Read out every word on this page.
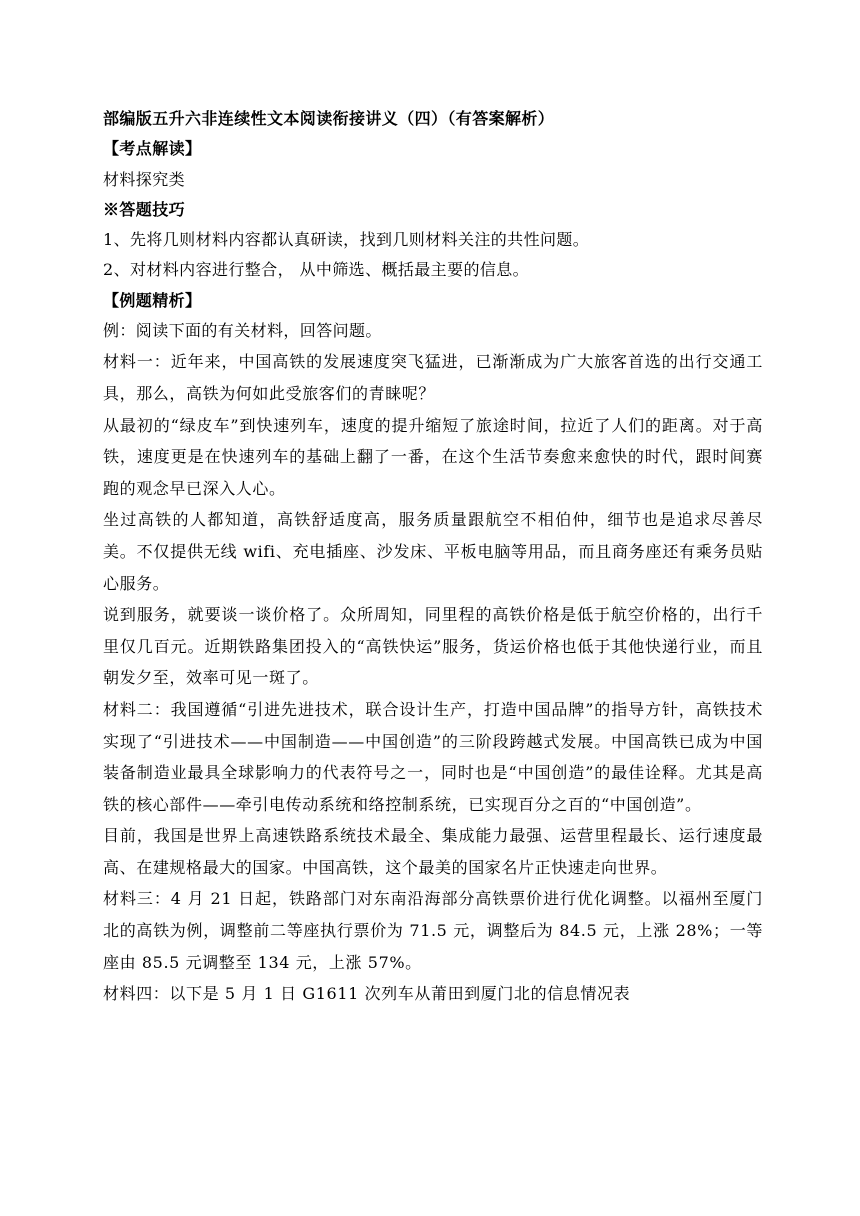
部编版五升六非连续性文本阅读衔接讲义（四）（有答案解析）

【考点解读】

材料探究类

※答题技巧

1、先将几则材料内容都认真研读，找到几则材料关注的共性问题。

2、对材料内容进行整合， 从中筛选、概括最主要的信息。

【例题精析】

例：阅读下面的有关材料，回答问题。

材料一：近年来，中国高铁的发展速度突飞猛进，已渐渐成为广大旅客首选的出行交通工具，那么，高铁为何如此受旅客们的青睐呢？

从最初的“绿皮车”到快速列车，速度的提升缩短了旅途时间，拉近了人们的距离。对于高铁，速度更是在快速列车的基础上翻了一番，在这个生活节奏愈来愈快的时代，跟时间赛跑的观念早已深入人心。

坐过高铁的人都知道，高铁舒适度高，服务质量跟航空不相伯仲，细节也是追求尽善尽美。不仅提供无线 wifi、充电插座、沙发床、平板电脑等用品，而且商务座还有乘务员贴心服务。

说到服务，就要谈一谈价格了。众所周知，同里程的高铁价格是低于航空价格的，出行千里仅几百元。近期铁路集团投入的“高铁快运”服务，货运价格也低于其他快递行业，而且朝发夕至，效率可见一斑了。

材料二：我国遵循“引进先进技术，联合设计生产，打造中国品牌”的指导方针，高铁技术实现了“引进技术——中国制造——中国创造”的三阶段跨越式发展。中国高铁已成为中国装备制造业最具全球影响力的代表符号之一，同时也是“中国创造”的最佳诠释。尤其是高铁的核心部件——牵引电传动系统和络控制系统，已实现百分之百的“中国创造”。

目前，我国是世界上高速铁路系统技术最全、集成能力最强、运营里程最长、运行速度最高、在建规格最大的国家。中国高铁，这个最美的国家名片正快速走向世界。

材料三：4 月 21 日起，铁路部门对东南沿海部分高铁票价进行优化调整。以福州至厦门北的高铁为例，调整前二等座执行票价为 71.5 元，调整后为 84.5 元，上涨 28%；一等座由 85.5 元调整至 134 元，上涨 57%。

材料四：以下是 5 月 1 日 G1611 次列车从莆田到厦门北的信息情况表
